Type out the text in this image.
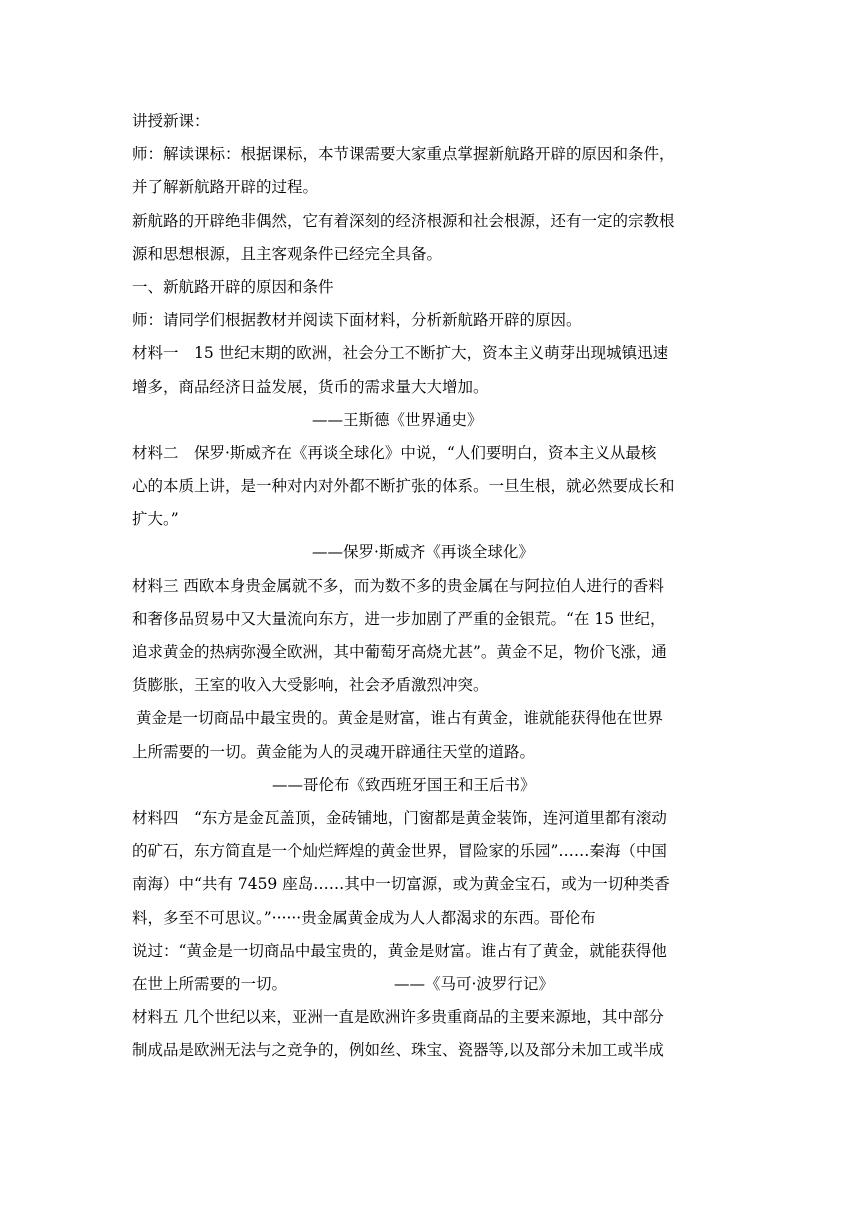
讲授新课：
师：解读课标：根据课标，本节课需要大家重点掌握新航路开辟的原因和条件，
并了解新航路开辟的过程。
新航路的开辟绝非偶然，它有着深刻的经济根源和社会根源，还有一定的宗教根
源和思想根源，且主客观条件已经完全具备。
一、新航路开辟的原因和条件
师：请同学们根据教材并阅读下面材料，分析新航路开辟的原因。
材料一　15 世纪末期的欧洲，社会分工不断扩大，资本主义萌芽出现城镇迅速
增多，商品经济日益发展，货币的需求量大大增加。
——王斯德《世界通史》
材料二　保罗·斯威齐在《再谈全球化》中说，“人们要明白，资本主义从最核
心的本质上讲，是一种对内对外都不断扩张的体系。一旦生根，就必然要成长和
扩大。”
——保罗·斯威齐《再谈全球化》
材料三 西欧本身贵金属就不多，而为数不多的贵金属在与阿拉伯人进行的香料
和奢侈品贸易中又大量流向东方，进一步加剧了严重的金银荒。“在 15 世纪，
追求黄金的热病弥漫全欧洲，其中葡萄牙高烧尤甚”。黄金不足，物价飞涨，通
货膨胀，王室的收入大受影响，社会矛盾激烈冲突。
黄金是一切商品中最宝贵的。黄金是财富，谁占有黄金，谁就能获得他在世界
上所需要的一切。黄金能为人的灵魂开辟通往天堂的道路。
——哥伦布《致西班牙国王和王后书》
材料四　“东方是金瓦盖顶，金砖铺地，门窗都是黄金装饰，连河道里都有滚动
的矿石，东方简直是一个灿烂辉煌的黄金世界，冒险家的乐园”……秦海（中国
南海）中“共有 7459 座岛……其中一切富源，或为黄金宝石，或为一切种类香
料，多至不可思议。”······贵金属黄金成为人人都渴求的东西。哥伦布
说过：“黄金是一切商品中最宝贵的，黄金是财富。谁占有了黄金，就能获得他
在世上所需要的一切。	——《马可·波罗行记》
材料五 几个世纪以来，亚洲一直是欧洲许多贵重商品的主要来源地，其中部分
制成品是欧洲无法与之竞争的，例如丝、珠宝、瓷器等,以及部分未加工或半成
